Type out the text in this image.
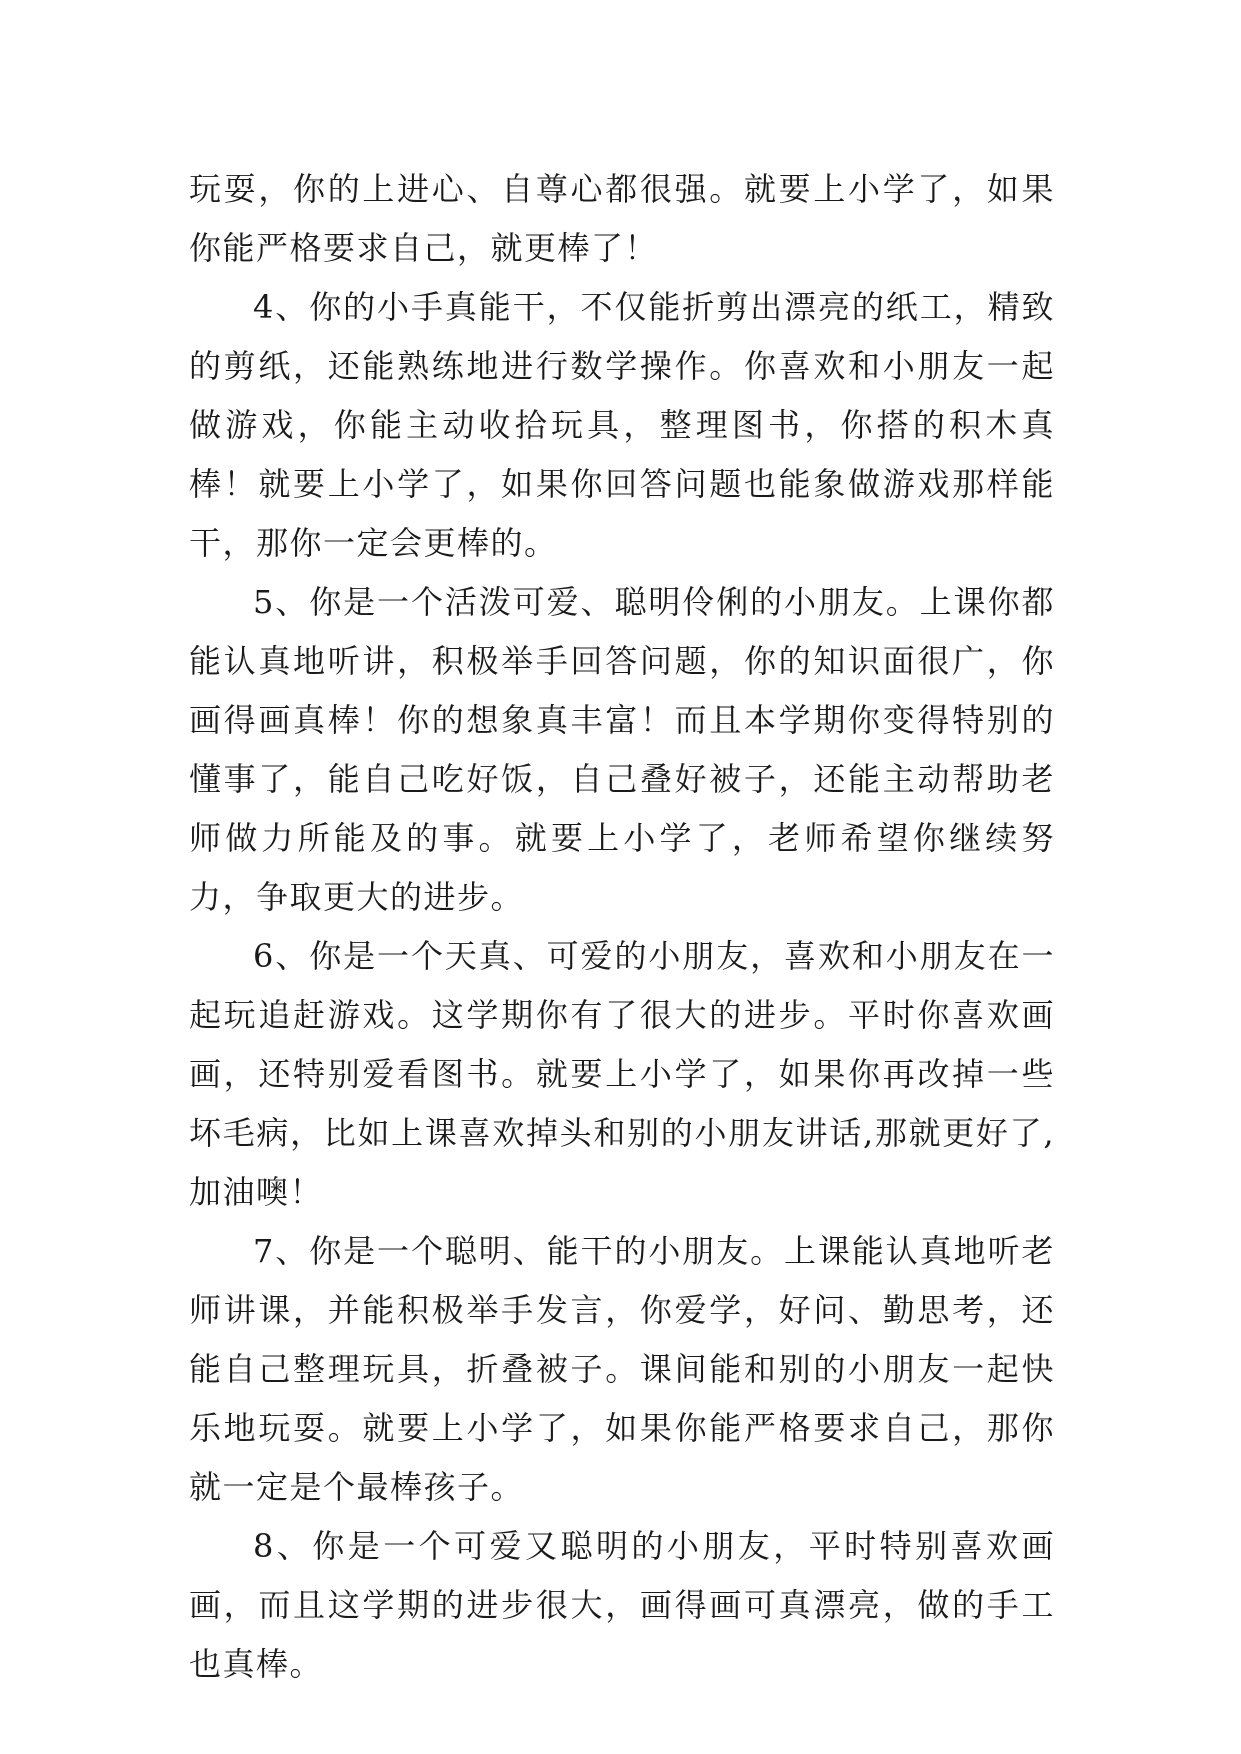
玩耍，你的上进心、自尊心都很强。就要上小学了，如果你能严格要求自己，就更棒了！

4、你的小手真能干，不仅能折剪出漂亮的纸工，精致的剪纸，还能熟练地进行数学操作。你喜欢和小朋友一起做游戏，你能主动收拾玩具，整理图书，你搭的积木真棒！就要上小学了，如果你回答问题也能象做游戏那样能干，那你一定会更棒的。

5、你是一个活泼可爱、聪明伶俐的小朋友。上课你都能认真地听讲，积极举手回答问题，你的知识面很广，你画得画真棒！你的想象真丰富！而且本学期你变得特别的懂事了，能自己吃好饭，自己叠好被子，还能主动帮助老师做力所能及的事。就要上小学了，老师希望你继续努力，争取更大的进步。

6、你是一个天真、可爱的小朋友，喜欢和小朋友在一起玩追赶游戏。这学期你有了很大的进步。平时你喜欢画画，还特别爱看图书。就要上小学了，如果你再改掉一些坏毛病，比如上课喜欢掉头和别的小朋友讲话,那就更好了,加油噢！

7、你是一个聪明、能干的小朋友。上课能认真地听老师讲课，并能积极举手发言，你爱学，好问、勤思考，还能自己整理玩具，折叠被子。课间能和别的小朋友一起快乐地玩耍。就要上小学了，如果你能严格要求自己，那你就一定是个最棒孩子。

8、你是一个可爱又聪明的小朋友，平时特别喜欢画画，而且这学期的进步很大，画得画可真漂亮，做的手工也真棒。
